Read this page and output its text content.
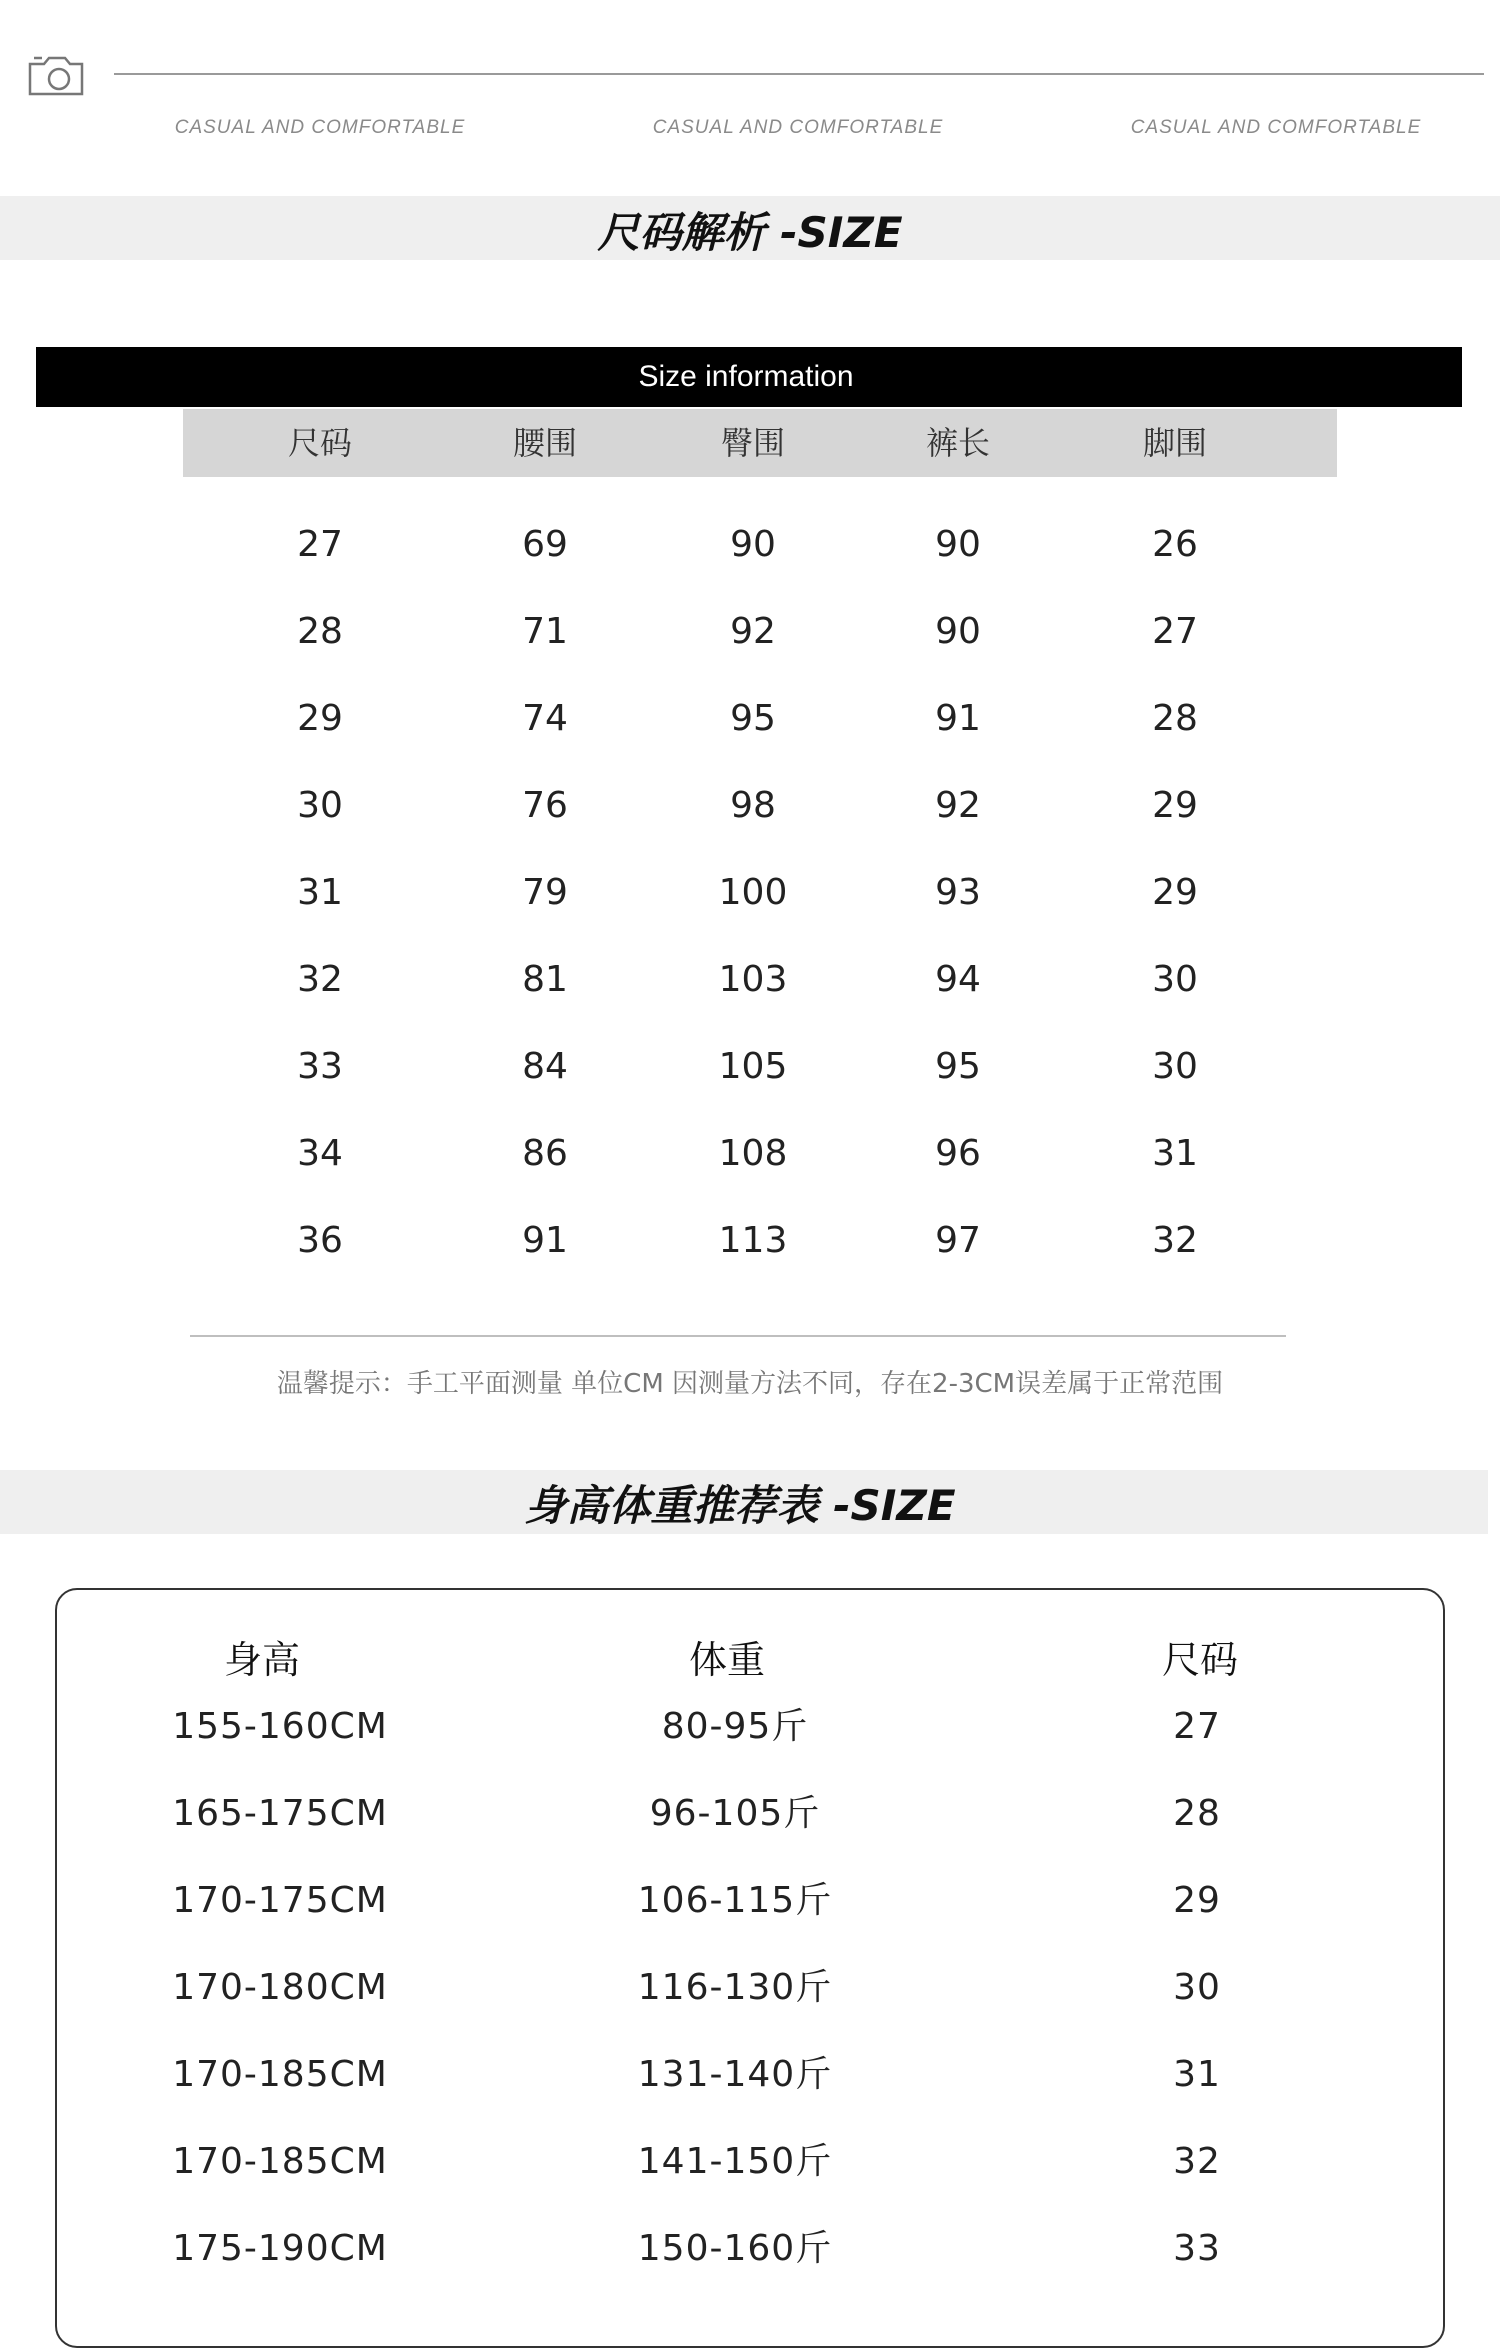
CASUAL AND COMFORTABLE	CASUAL AND COMFORTABLE	CASUAL AND COMFORTABLE
尺码解析 -SIZE
Size information
尺码	腰围	臀围	裤长	脚围
27	69	90	90	26
28	71	92	90	27
29	74	95	91	28
30	76	98	92	29
31	79	100	93	29
32	81	103	94	30
33	84	105	95	30
34	86	108	96	31
36	91	113	97	32
温馨提示：手工平面测量 单位CM 因测量方法不同，存在2-3CM误差属于正常范围
身高体重推荐表 -SIZE
身高	体重	尺码
155-160CM	80-95斤	27
165-175CM	96-105斤	28
170-175CM	106-115斤	29
170-180CM	116-130斤	30
170-185CM	131-140斤	31
170-185CM	141-150斤	32
175-190CM	150-160斤	33
